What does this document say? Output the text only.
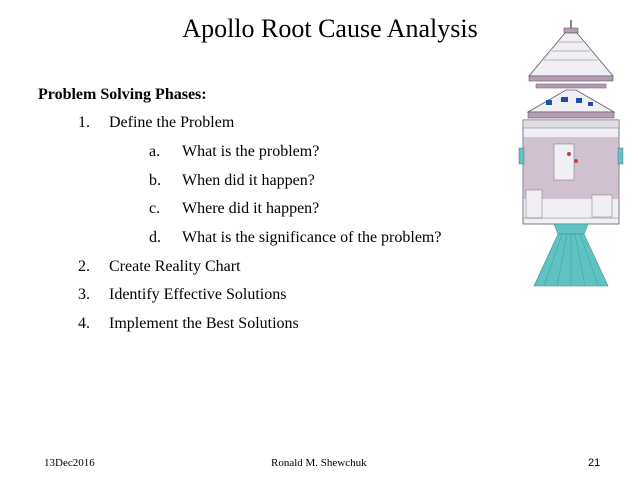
Apollo Root Cause Analysis
Problem Solving Phases:
1. Define the Problem
a. What is the problem?
b. When did it happen?
c. Where did it happen?
d. What is the significance of the problem?
2. Create Reality Chart
3. Identify Effective Solutions
4. Implement the Best Solutions
13Dec2016	Ronald M. Shewchuk	21
